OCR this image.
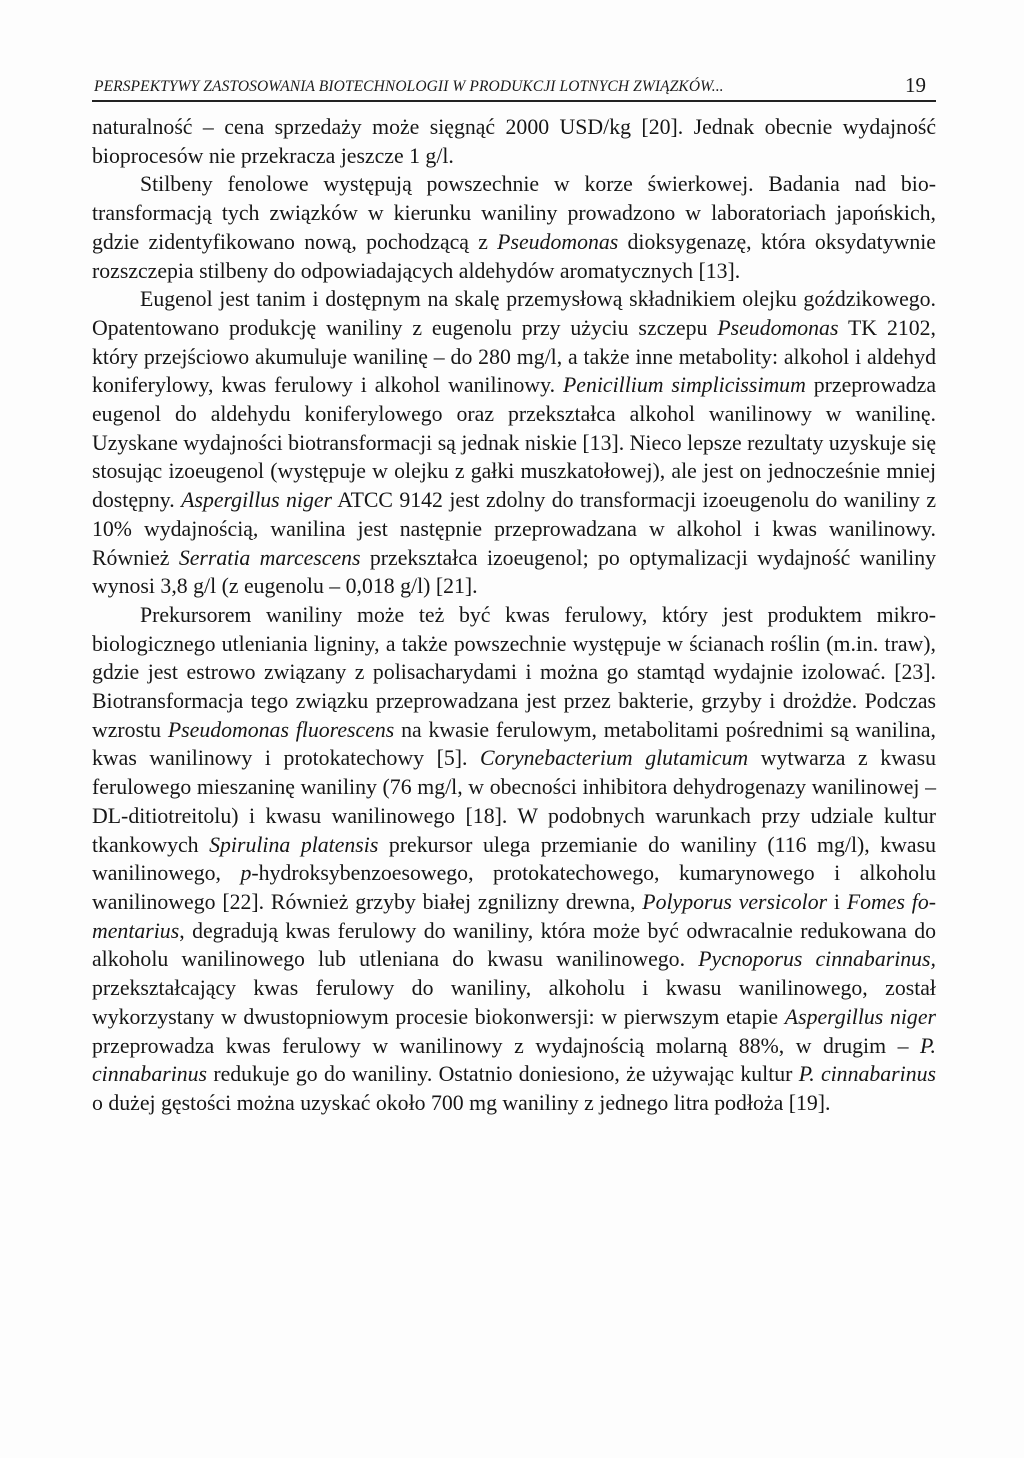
PERSPEKTYWY ZASTOSOWANIA BIOTECHNOLOGII W PRODUKCJI LOTNYCH ZWIĄZKÓW...	19

naturalność – cena sprzedaży może sięgnąć 2000 USD/kg [20]. Jednak obecnie wydajność bioprocesów nie przekracza jeszcze 1 g/l.

Stilbeny fenolowe występują powszechnie w korze świerkowej. Badania nad biotransformacją tych związków w kierunku waniliny prowadzono w laboratoriach japońskich, gdzie zidentyfikowano nową, pochodzącą z Pseudomonas dioksygenazę, która oksydatywnie rozszczepia stilbeny do odpowiadających aldehydów aromatycznych [13].

Eugenol jest tanim i dostępnym na skalę przemysłową składnikiem olejku goździkowego. Opatentowano produkcję waniliny z eugenolu przy użyciu szczepu Pseudomonas TK 2102, który przejściowo akumuluje wanilinę – do 280 mg/l, a także inne metabolity: alkohol i aldehyd koniferylowy, kwas ferulowy i alkohol wanilinowy. Penicillium simplicissimum przeprowadza eugenol do aldehydu koniferylowego oraz przekształca alkohol wanilinowy w wanilinę. Uzyskane wydajności biotransformacji są jednak niskie [13]. Nieco lepsze rezultaty uzyskuje się stosując izoeugenol (występuje w olejku z gałki muszkatołowej), ale jest on jednocześnie mniej dostępny. Aspergillus niger ATCC 9142 jest zdolny do transformacji izoeugenolu do waniliny z 10% wydajnością, wanilina jest następnie przeprowadzana w alkohol i kwas wanilinowy. Również Serratia marcescens przekształca izoeugenol; po optymalizacji wydajność waniliny wynosi 3,8 g/l (z eugenolu – 0,018 g/l) [21].

Prekursorem waniliny może też być kwas ferulowy, który jest produktem mikrobiologicznego utleniania ligniny, a także powszechnie występuje w ścianach roślin (m.in. traw), gdzie jest estrowo związany z polisacharydami i można go stamtąd wydajnie izolować. [23]. Biotransformacja tego związku przeprowadzana jest przez bakterie, grzyby i drożdże. Podczas wzrostu Pseudomonas fluorescens na kwasie ferulowym, metabolitami pośrednimi są wanilina, kwas wanilinowy i protokatechowy [5]. Corynebacterium glutamicum wytwarza z kwasu ferulowego mieszaninę waniliny (76 mg/l, w obecności inhibitora dehydrogenazy wanilinowej – DL-ditiotreitolu) i kwasu wanilinowego [18]. W podobnych warunkach przy udziale kultur tkankowych Spirulina platensis prekursor ulega przemianie do waniliny (116 mg/l), kwasu wanilinowego, p-hydroksybenzoesowego, protokatechowego, kumarynowego i alkoholu wanilinowego [22]. Również grzyby białej zgnilizny drewna, Polyporus versicolor i Fomes fomentarius, degradują kwas ferulowy do waniliny, która może być odwracalnie redukowana do alkoholu wanilinowego lub utleniana do kwasu wanilinowego. Pycnoporus cinnabarinus, przekształcający kwas ferulowy do waniliny, alkoholu i kwasu wanilinowego, został wykorzystany w dwustopniowym procesie biokonwersji: w pierwszym etapie Aspergillus niger przeprowadza kwas ferulowy w wanilinowy z wydajnością molarną 88%, w drugim – P. cinnabarinus redukuje go do waniliny. Ostatnio doniesiono, że używając kultur P. cinnabarinus o dużej gęstości można uzyskać około 700 mg waniliny z jednego litra podłoża [19].
